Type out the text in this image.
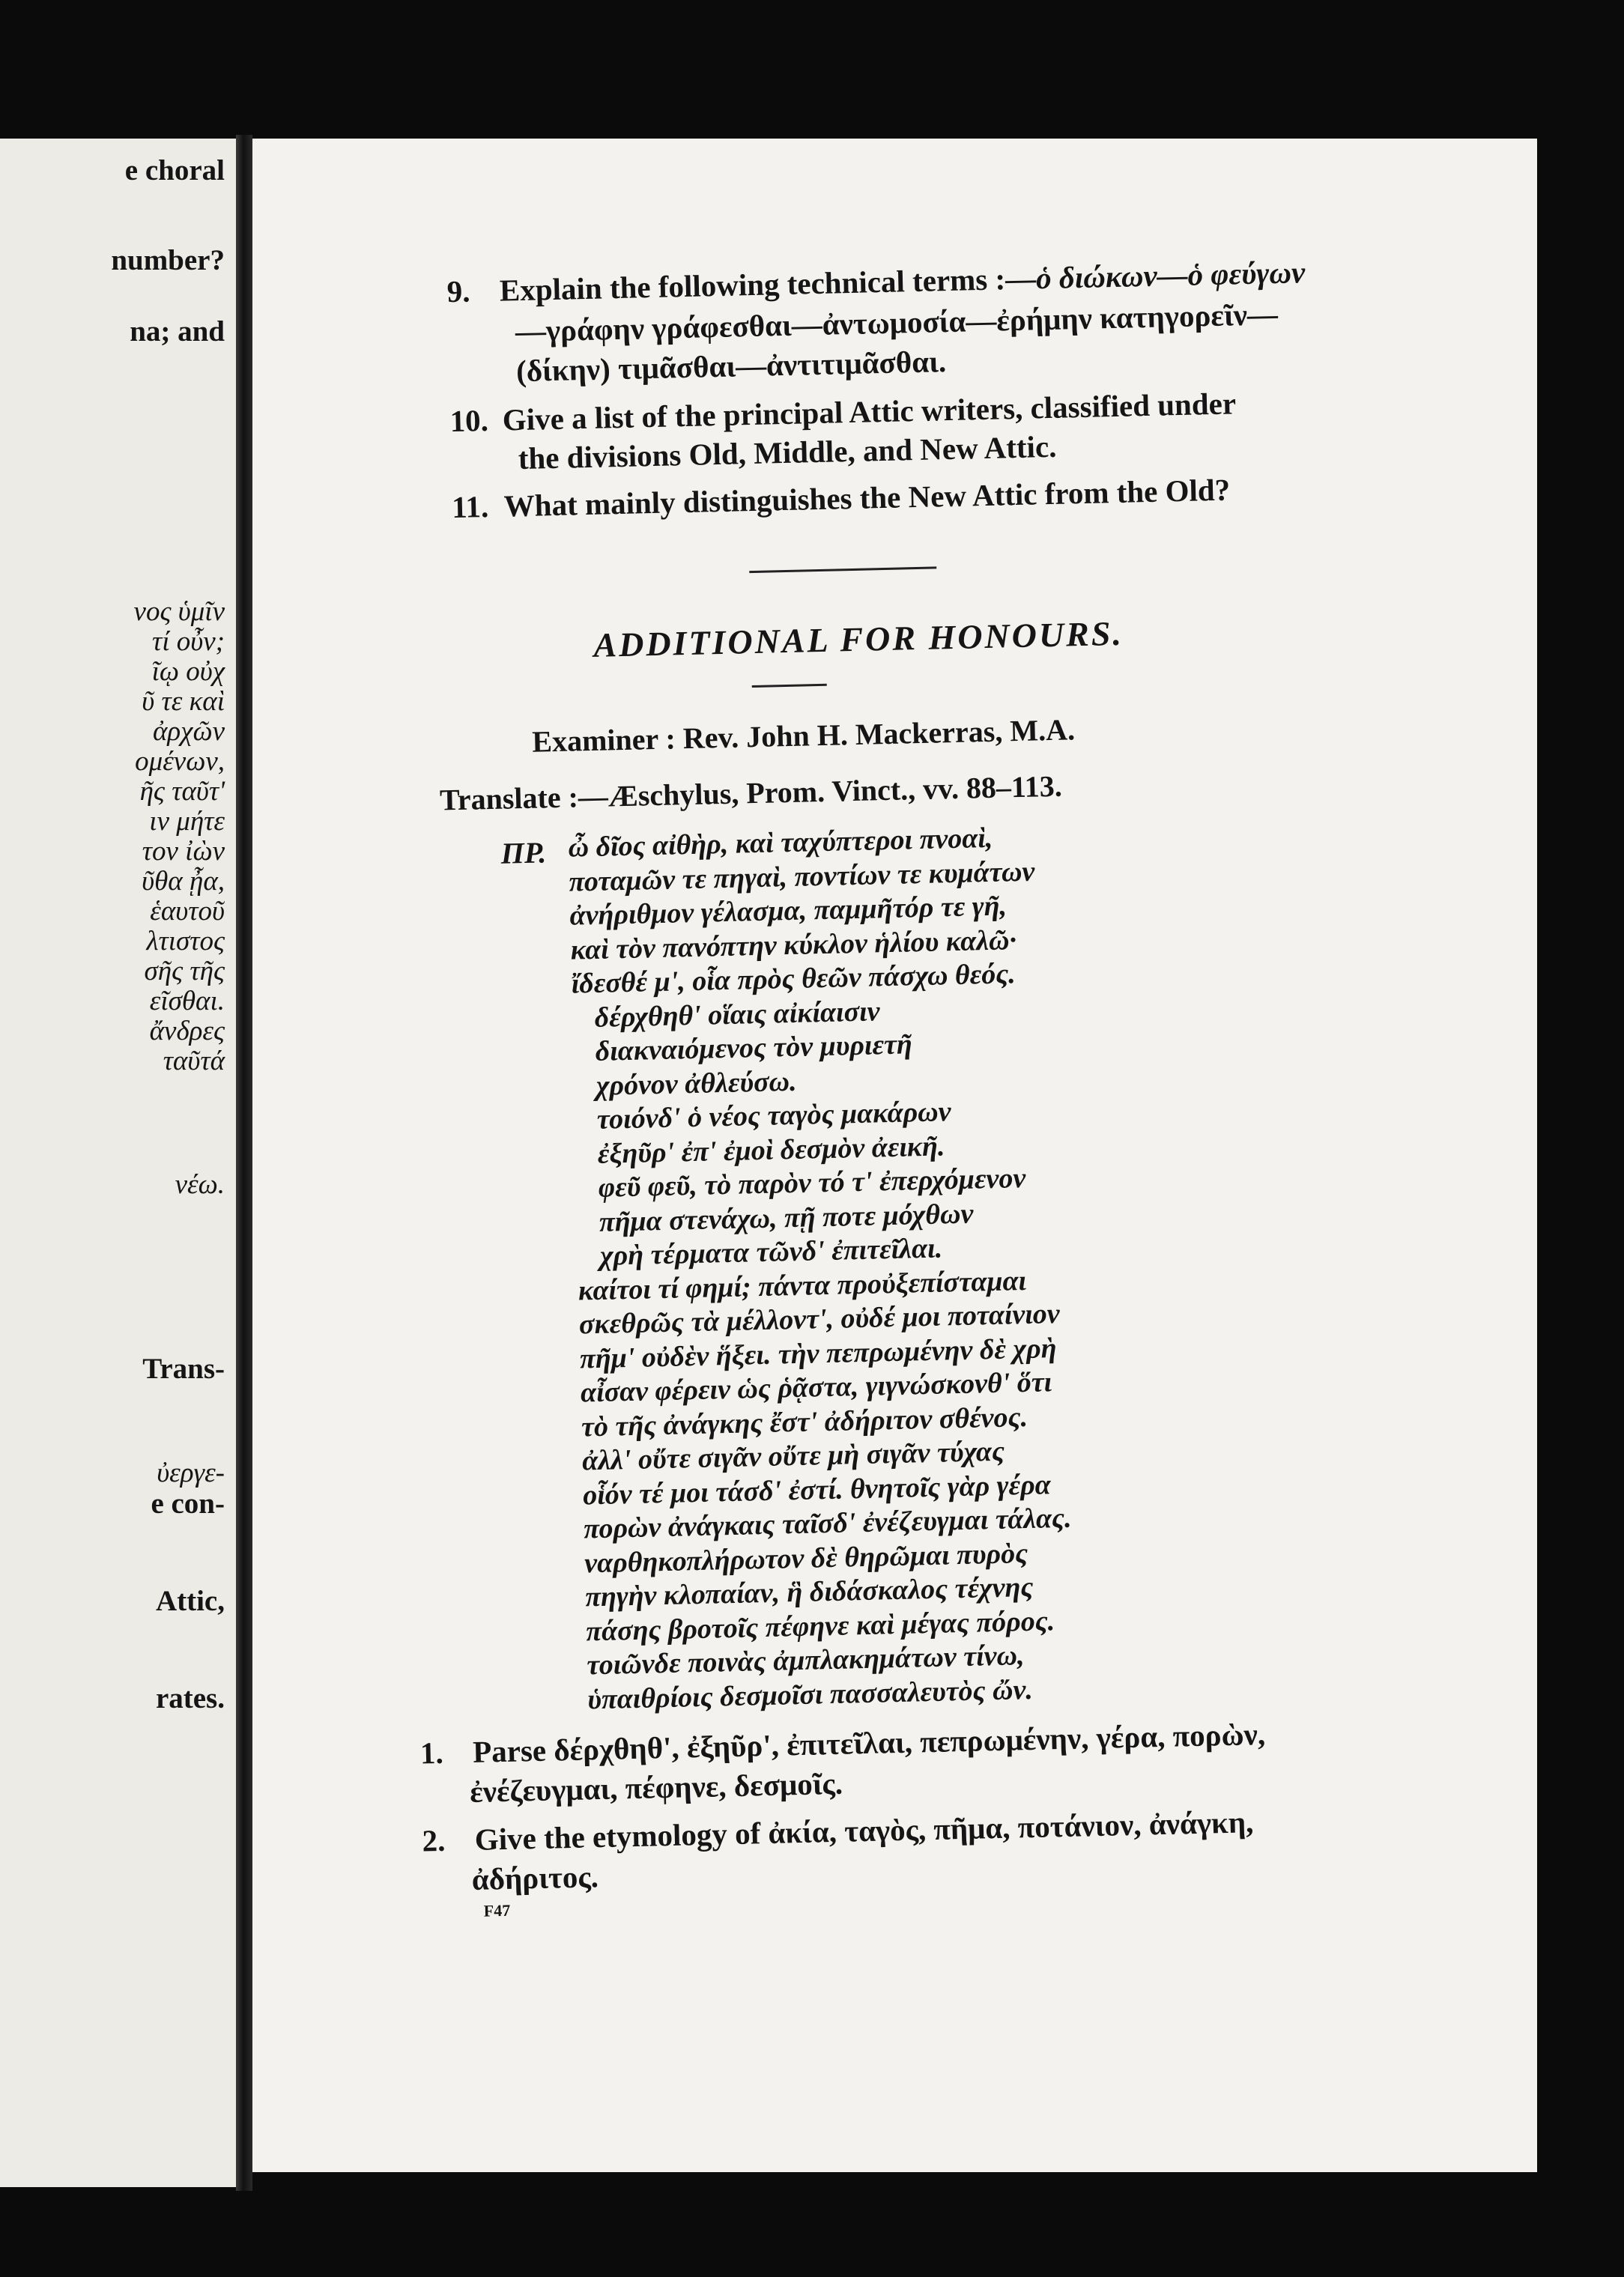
e choral
number?
na; and
νος ὑμῖν
τί οὖν;
ῖῳ οὐχ
ῦ τε καὶ
ἀρχῶν
ομένων,
ῆς ταῦτ'
ιν μήτε
τον ἰὼν
ῦθα ᾖα,
ἑαυτοῦ
λτιστος
σῆς τῆς
εῖσθαι.
ἄνδρες
ταῦτά
νέω.
Trans-
ὐεργε-
e con-
Attic,
rates.
9. Explain the following technical terms :—ὁ διώκων—ὁ φεύγων
—γράφην γράφεσθαι—ἀντωμοσία—ἐρήμην κατηγορεῖν—
(δίκην) τιμᾶσθαι—ἀντιτιμᾶσθαι.
10. Give a list of the principal Attic writers, classified under
the divisions Old, Middle, and New Attic.
11. What mainly distinguishes the New Attic from the Old?
ADDITIONAL FOR HONOURS.
Examiner : Rev. John H. Mackerras, M.A.
Translate :—Æschylus, Prom. Vinct., vv. 88–113.
ΠΡ. ὦ δῖος αἰθὴρ, καὶ ταχύπτεροι πνοαὶ,
ποταμῶν τε πηγαὶ, ποντίων τε κυμάτων
ἀνήριθμον γέλασμα, παμμῆτόρ τε γῆ,
καὶ τὸν πανόπτην κύκλον ἡλίου καλῶ·
ἴδεσθέ μ', οἷα πρὸς θεῶν πάσχω θεός.
δέρχθηθ' οἵαις αἰκίαισιν
διακναιόμενος τὸν μυριετῆ
χρόνον ἀθλεύσω.
τοιόνδ' ὁ νέος ταγὸς μακάρων
ἐξηῦρ' ἐπ' ἐμοὶ δεσμὸν ἀεικῆ.
φεῦ φεῦ, τὸ παρὸν τό τ' ἐπερχόμενον
πῆμα στενάχω, πῇ ποτε μόχθων
χρὴ τέρματα τῶνδ' ἐπιτεῖλαι.
καίτοι τί φημί; πάντα προὐξεπίσταμαι
σκεθρῶς τὰ μέλλοντ', οὐδέ μοι ποταίνιον
πῆμ' οὐδὲν ἥξει. τὴν πεπρωμένην δὲ χρὴ
αἶσαν φέρειν ὡς ῥᾷστα, γιγνώσκονθ' ὅτι
τὸ τῆς ἀνάγκης ἔστ' ἀδήριτον σθένος.
ἀλλ' οὔτε σιγᾶν οὔτε μὴ σιγᾶν τύχας
οἷόν τέ μοι τάσδ' ἐστί. θνητοῖς γὰρ γέρα
πορὼν ἀνάγκαις ταῖσδ' ἐνέζευγμαι τάλας.
ναρθηκοπλήρωτον δὲ θηρῶμαι πυρὸς
πηγὴν κλοπαίαν, ἣ διδάσκαλος τέχνης
πάσης βροτοῖς πέφηνε καὶ μέγας πόρος.
τοιῶνδε ποινὰς ἀμπλακημάτων τίνω,
ὑπαιθρίοις δεσμοῖσι πασσαλευτὸς ὤν.
1. Parse δέρχθηθ', ἐξηῦρ', ἐπιτεῖλαι, πεπρωμένην, γέρα, πορὼν,
ἐνέζευγμαι, πέφηνε, δεσμοῖς.
2. Give the etymology of ἀκία, ταγὸς, πῆμα, ποτάνιον, ἀνάγκη,
ἀδήριτος.
F47
